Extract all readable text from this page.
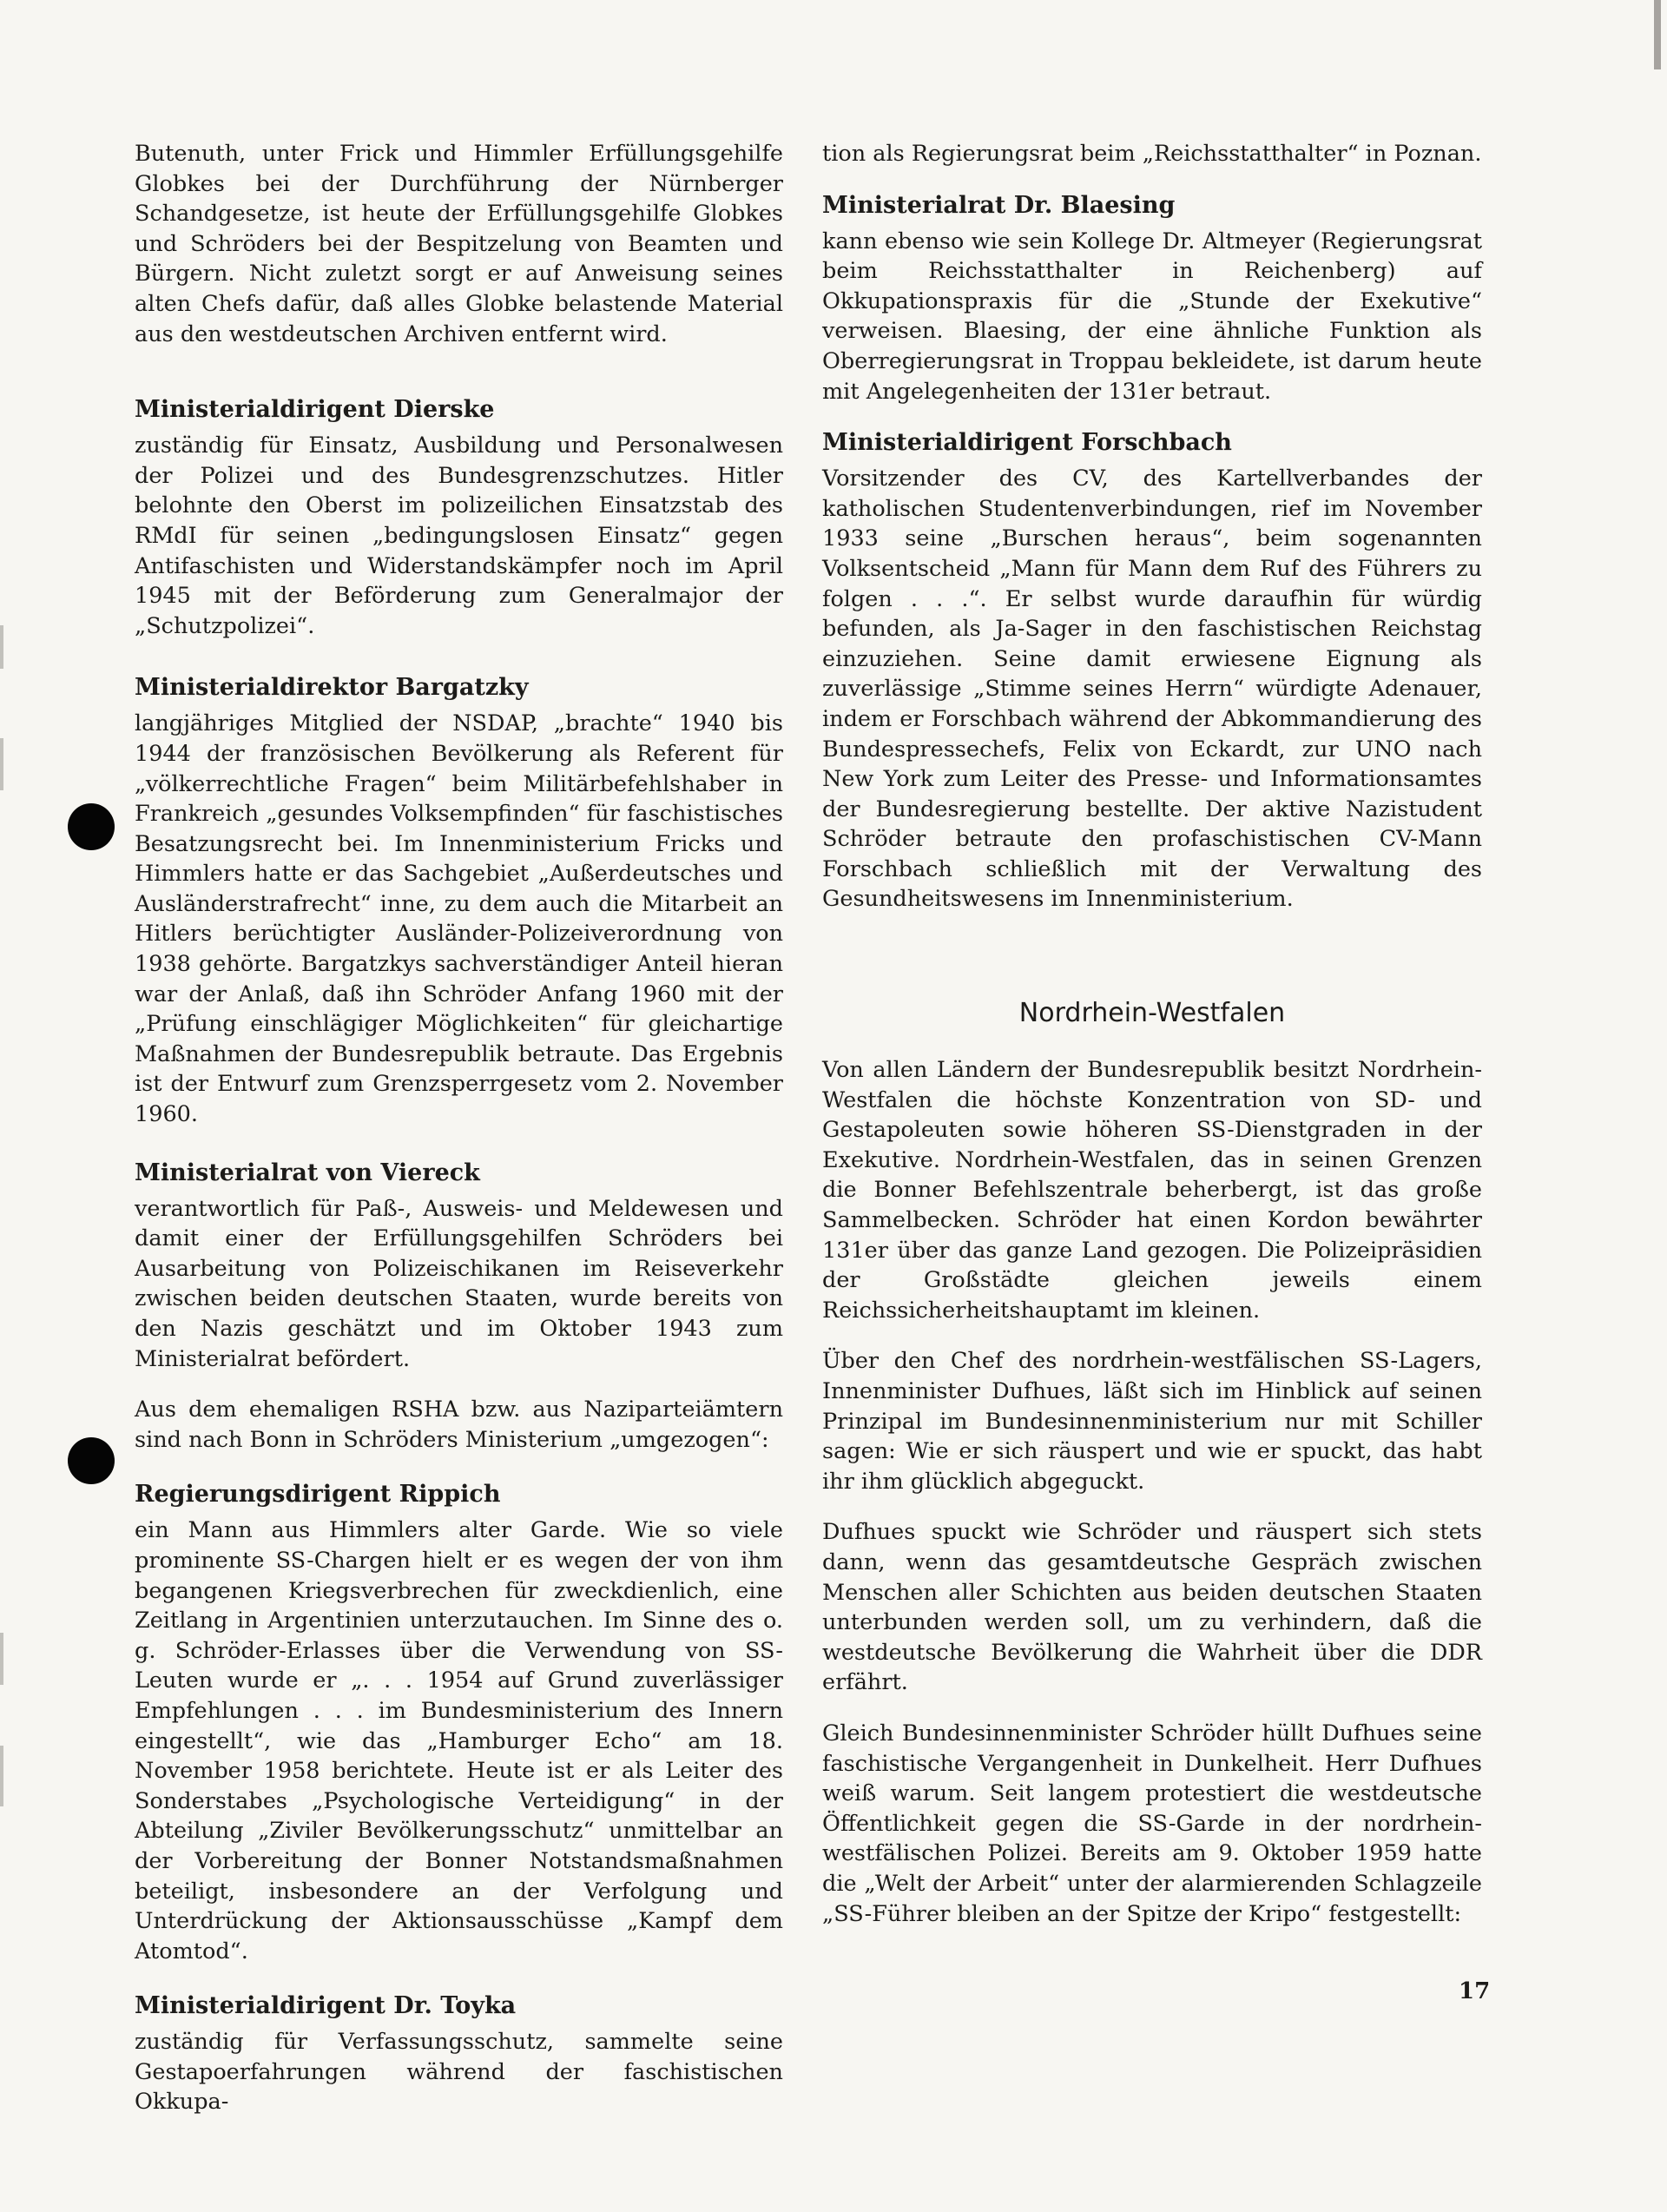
Butenuth, unter Frick und Himmler Erfüllungsgehilfe Globkes bei der Durchführung der Nürnberger Schandgesetze, ist heute der Erfüllungsgehilfe Globkes und Schröders bei der Bespitzelung von Beamten und Bürgern. Nicht zuletzt sorgt er auf Anweisung seines alten Chefs dafür, daß alles Globke belastende Material aus den westdeutschen Archiven entfernt wird.

Ministerialdirigent Dierske

zuständig für Einsatz, Ausbildung und Personalwesen der Polizei und des Bundesgrenzschutzes. Hitler belohnte den Oberst im polizeilichen Einsatzstab des RMdI für seinen „bedingungslosen Einsatz“ gegen Antifaschisten und Widerstandskämpfer noch im April 1945 mit der Beförderung zum Generalmajor der „Schutzpolizei“.

Ministerialdirektor Bargatzky

langjähriges Mitglied der NSDAP, „brachte“ 1940 bis 1944 der französischen Bevölkerung als Referent für „völkerrechtliche Fragen“ beim Militärbefehlshaber in Frankreich „gesundes Volksempfinden“ für faschistisches Besatzungsrecht bei. Im Innenministerium Fricks und Himmlers hatte er das Sachgebiet „Außerdeutsches und Ausländerstrafrecht“ inne, zu dem auch die Mitarbeit an Hitlers berüchtigter Ausländer-Polizeiverordnung von 1938 gehörte. Bargatzkys sachverständiger Anteil hieran war der Anlaß, daß ihn Schröder Anfang 1960 mit der „Prüfung einschlägiger Möglichkeiten“ für gleichartige Maßnahmen der Bundesrepublik betraute. Das Ergebnis ist der Entwurf zum Grenzsperrgesetz vom 2. November 1960.

Ministerialrat von Viereck

verantwortlich für Paß-, Ausweis- und Meldewesen und damit einer der Erfüllungsgehilfen Schröders bei Ausarbeitung von Polizeischikanen im Reiseverkehr zwischen beiden deutschen Staaten, wurde bereits von den Nazis geschätzt und im Oktober 1943 zum Ministerialrat befördert.

Aus dem ehemaligen RSHA bzw. aus Naziparteiämtern sind nach Bonn in Schröders Ministerium „umgezogen“:

Regierungsdirigent Rippich

ein Mann aus Himmlers alter Garde. Wie so viele prominente SS-Chargen hielt er es wegen der von ihm begangenen Kriegsverbrechen für zweckdienlich, eine Zeitlang in Argentinien unterzutauchen. Im Sinne des o. g. Schröder-Erlasses über die Verwendung von SS-Leuten wurde er „. . . 1954 auf Grund zuverlässiger Empfehlungen . . . im Bundesministerium des Innern eingestellt“, wie das „Hamburger Echo“ am 18. November 1958 berichtete. Heute ist er als Leiter des Sonderstabes „Psychologische Verteidigung“ in der Abteilung „Ziviler Bevölkerungsschutz“ unmittelbar an der Vorbereitung der Bonner Notstandsmaßnahmen beteiligt, insbesondere an der Verfolgung und Unterdrückung der Aktionsausschüsse „Kampf dem Atomtod“.

Ministerialdirigent Dr. Toyka

zuständig für Verfassungsschutz, sammelte seine Gestapoerfahrungen während der faschistischen Okkupa-

tion als Regierungsrat beim „Reichsstatthalter“ in Poznan.

Ministerialrat Dr. Blaesing

kann ebenso wie sein Kollege Dr. Altmeyer (Regierungsrat beim Reichsstatthalter in Reichenberg) auf Okkupationspraxis für die „Stunde der Exekutive“ verweisen. Blaesing, der eine ähnliche Funktion als Oberregierungsrat in Troppau bekleidete, ist darum heute mit Angelegenheiten der 131er betraut.

Ministerialdirigent Forschbach

Vorsitzender des CV, des Kartellverbandes der katholischen Studentenverbindungen, rief im November 1933 seine „Burschen heraus“, beim sogenannten Volksentscheid „Mann für Mann dem Ruf des Führers zu folgen . . .“. Er selbst wurde daraufhin für würdig befunden, als Ja-Sager in den faschistischen Reichstag einzuziehen. Seine damit erwiesene Eignung als zuverlässige „Stimme seines Herrn“ würdigte Adenauer, indem er Forschbach während der Abkommandierung des Bundespressechefs, Felix von Eckardt, zur UNO nach New York zum Leiter des Presse- und Informationsamtes der Bundesregierung bestellte. Der aktive Nazistudent Schröder betraute den profaschistischen CV-Mann Forschbach schließlich mit der Verwaltung des Gesundheitswesens im Innenministerium.

Nordrhein-Westfalen

Von allen Ländern der Bundesrepublik besitzt Nordrhein-Westfalen die höchste Konzentration von SD- und Gestapoleuten sowie höheren SS-Dienstgraden in der Exekutive. Nordrhein-Westfalen, das in seinen Grenzen die Bonner Befehlszentrale beherbergt, ist das große Sammelbecken. Schröder hat einen Kordon bewährter 131er über das ganze Land gezogen. Die Polizeipräsidien der Großstädte gleichen jeweils einem Reichssicherheitshauptamt im kleinen.

Über den Chef des nordrhein-westfälischen SS-Lagers, Innenminister Dufhues, läßt sich im Hinblick auf seinen Prinzipal im Bundesinnenministerium nur mit Schiller sagen: Wie er sich räuspert und wie er spuckt, das habt ihr ihm glücklich abgeguckt.

Dufhues spuckt wie Schröder und räuspert sich stets dann, wenn das gesamtdeutsche Gespräch zwischen Menschen aller Schichten aus beiden deutschen Staaten unterbunden werden soll, um zu verhindern, daß die westdeutsche Bevölkerung die Wahrheit über die DDR erfährt.

Gleich Bundesinnenminister Schröder hüllt Dufhues seine faschistische Vergangenheit in Dunkelheit. Herr Dufhues weiß warum. Seit langem protestiert die westdeutsche Öffentlichkeit gegen die SS-Garde in der nordrhein-westfälischen Polizei. Bereits am 9. Oktober 1959 hatte die „Welt der Arbeit“ unter der alarmierenden Schlagzeile „SS-Führer bleiben an der Spitze der Kripo“ festgestellt:

17
